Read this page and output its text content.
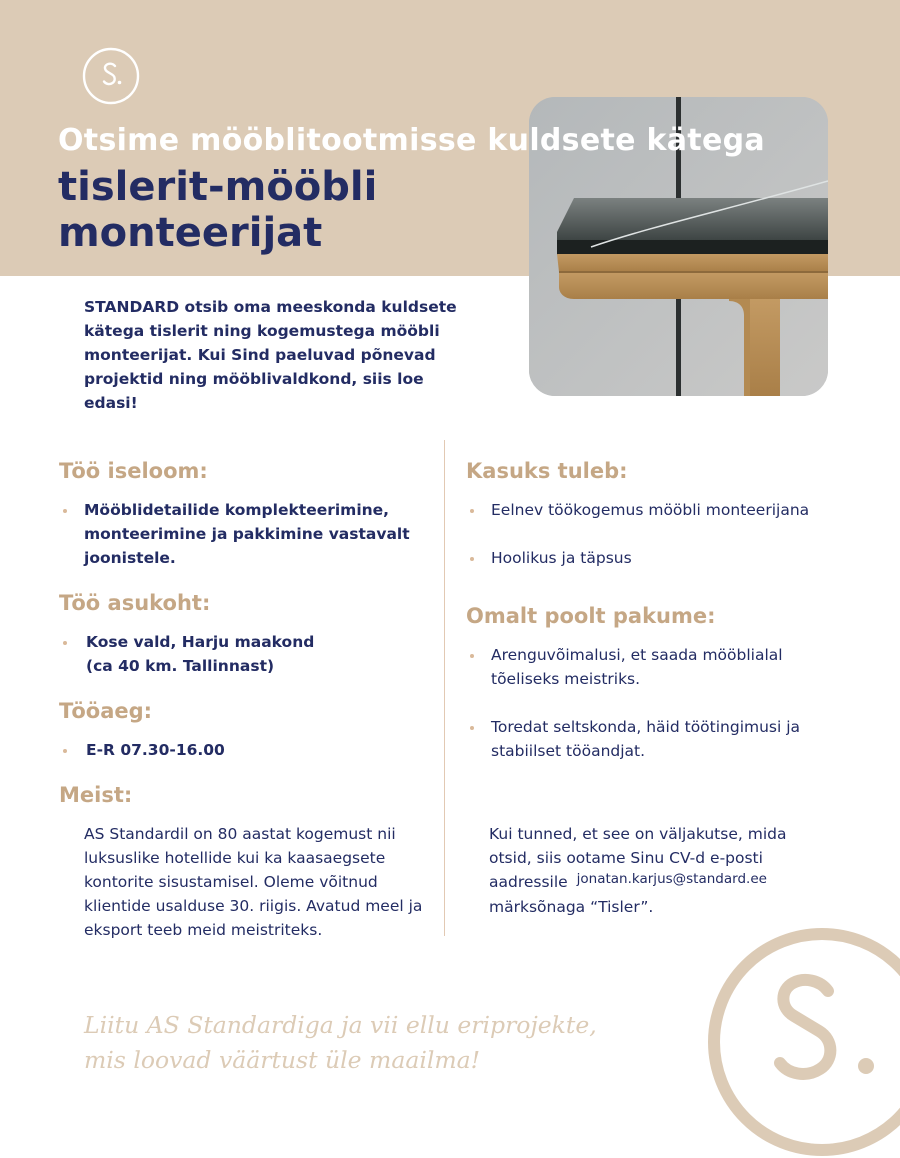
Otsime mööblitootmisse kuldsete kätega
tislerit-mööbli
monteerijat
STANDARD otsib oma meeskonda kuldsete kätega tislerit ning kogemustega mööbli monteerijat. Kui Sind paeluvad põnevad projektid ning mööblivaldkond, siis loe edasi!
Töö iseloom:
Mööblidetailide komplekteerimine, monteerimine ja pakkimine vastavalt joonistele.
Töö asukoht:
Kose vald, Harju maakond
(ca 40 km. Tallinnast)
Tööaeg:
E-R 07.30-16.00
Meist:
AS Standardil on 80 aastat kogemust nii luksuslike hotellide kui ka kaasaegsete kontorite sisustamisel. Oleme võitnud klientide usalduse 30. riigis. Avatud meel ja eksport teeb meid meistriteks.
Kasuks tuleb:
Eelnev töökogemus mööbli monteerijana
Hoolikus ja täpsus
Omalt poolt pakume:
Arenguvõimalusi, et saada mööblialal tõeliseks meistriks.
Toredat seltskonda, häid töötingimusi ja stabiilset tööandjat.
Kui tunned, et see on väljakutse, mida otsid, siis ootame Sinu CV-d e-posti aadressile jonatan.karjus@standard.ee
märksõnaga “Tisler”.
Liitu AS Standardiga ja vii ellu eriprojekte,
mis loovad väärtust üle maailma!
